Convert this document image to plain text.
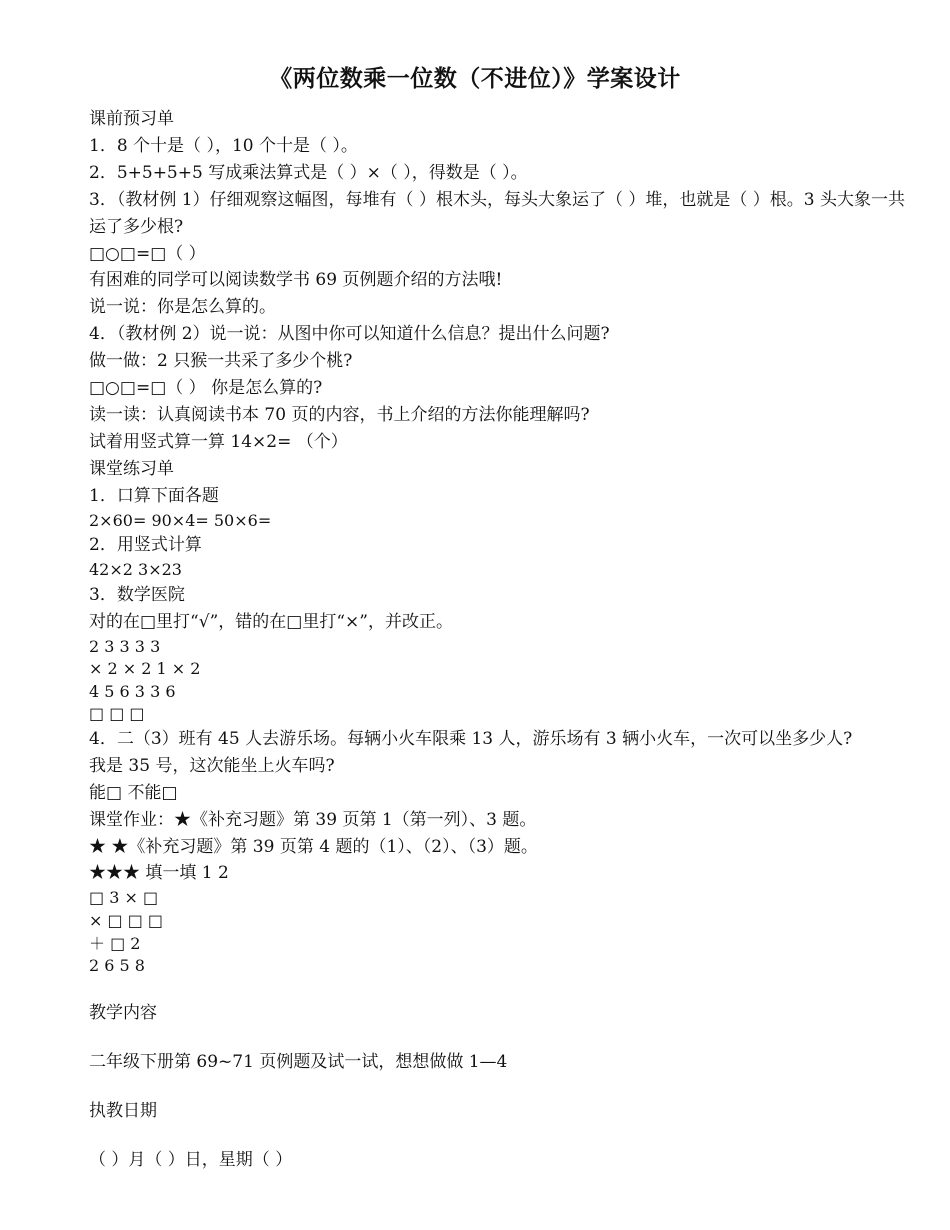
《两位数乘一位数（不进位）》学案设计
课前预习单
1．8 个十是（ ），10 个十是（ ）。
2．5+5+5+5 写成乘法算式是（ ）×（ ），得数是（ ）。
3．（教材例 1）仔细观察这幅图，每堆有（ ）根木头，每头大象运了（ ）堆，也就是（ ）根。3 头大象一共运了多少根?
□○□=□（ ）
有困难的同学可以阅读数学书 69 页例题介绍的方法哦!
说一说：你是怎么算的。
4．（教材例 2）说一说：从图中你可以知道什么信息？提出什么问题?
做一做：2 只猴一共采了多少个桃?
□○□=□（ ） 你是怎么算的?
读一读：认真阅读书本 70 页的内容，书上介绍的方法你能理解吗?
试着用竖式算一算 14×2= （个）
课堂练习单
1．口算下面各题
2×60= 90×4= 50×6=
2．用竖式计算
42×2 3×23
3．数学医院
对的在□里打“√”，错的在□里打“×”，并改正。
2 3 3 3 3
× 2 × 2 1 × 2
4 5 6 3 3 6
□ □ □
4．二（3）班有 45 人去游乐场。每辆小火车限乘 13 人，游乐场有 3 辆小火车，一次可以坐多少人?
我是 35 号，这次能坐上火车吗?
能□ 不能□
课堂作业：★《补充习题》第 39 页第 1（第一列）、3 题。
★ ★《补充习题》第 39 页第 4 题的（1）、（2）、（3）题。
★★★ 填一填 1 2
□ 3 × □
× □ □ □
＋ □ 2
2 6 5 8
教学内容
二年级下册第 69~71 页例题及试一试，想想做做 1—4
执教日期
（ ）月（ ）日，星期（ ）
